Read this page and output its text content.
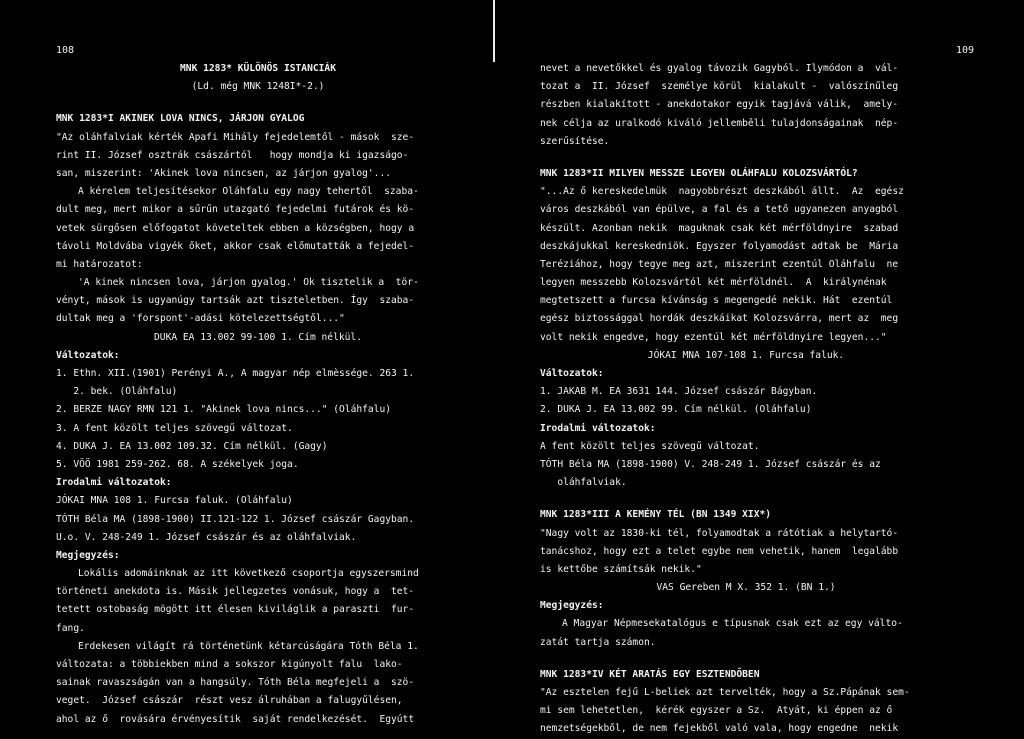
108
MNK 1283* KÜLÖNÖS ISTANCIÁK
(Ld. még MNK 1248I*-2.)
MNK 1283*I AKINEK LOVA NINCS, JÁRJON GYALOG
"Az oláhfalviak kérték Apafi Mihály fejedelemtől - mások  sze-
rint II. József osztrák császártól   hogy mondja ki igazságo-
san, miszerint: 'Akinek lova nincsen, az járjon gyalog'...
A kérelem teljesítésekor Oláhfalu egy nagy tehertől  szaba-
dult meg, mert mikor a sűrűn utazgató fejedelmi futárok és kö-
vetek sürgősen előfogatot követeltek ebben a községben, hogy a
távoli Moldvába vigyék őket, akkor csak előmutatták a fejedel-
mi határozatot:
'A kinek nincsen lova, járjon gyalog.' Ok tisztelik a  tör-
vényt, mások is ugyanúgy tartsák azt tiszteletben. Így  szaba-
dultak meg a 'forspont'-adási kötelezettségtől..."
DUKA EA 13.002 99-100 1. Cím nélkül.
Változatok:
1. Ethn. XII.(1901) Perényi A., A magyar nép elmèssége. 263 1.
2. bek. (Oláhfalu)
2. BERZE NAGY RMN 121 1. "Akinek lova nincs..." (Oláhfalu)
3. A fent közölt teljes szövegű változat.
4. DUKA J. EA 13.002 109.32. Cím nélkül. (Gagy)
5. VÖÖ 1981 259-262. 68. A székelyek joga.
Irodalmi változatok:
JÓKAI MNA 108 1. Furcsa faluk. (Oláhfalu)
TÓTH Béla MA (1898-1900) II.121-122 1. József császár Gagyban.
U.o. V. 248-249 1. József császár és az oláhfalviak.
Megjegyzés:
Lokális adomáinknak az itt következő csoportja egyszersmind
történeti anekdota is. Másik jellegzetes vonásuk, hogy a  tet-
tetett ostobaság mögött itt élesen kiviláglik a paraszti  fur-
fang.
Erdekesen világít rá történetünk kétarcúságára Tóth Béla 1.
változata: a többiekben mind a sokszor kigúnyolt falu  lako-
sainak ravaszságán van a hangsúly. Tóth Béla megfejeli a  szö-
veget.  József császár  részt vesz álruhában a falugyűlésen,
ahol az ő  rovására érvényesítik  saját rendelkezését.  Egyútt
109
nevet a nevetőkkel és gyalog távozik Gagyból. Ilymódon a  vál-
tozat a  II. József  személye körül  kialakult -  valószínűleg
részben kialakított - anekdotakor egyik tagjává válik,  amely-
nek célja az uralkodó kiváló jellemběli tulajdonságainak  nép-
szerűsítése.
MNK 1283*II MILYEN MESSZE LEGYEN OLÁHFALU KOLOZSVÁRTÓL?
"...Az ő kereskedelmük  nagyobbrészt deszkából állt.  Az  egész
város deszkából van épülve, a fal és a tető ugyanezen anyagból
készült. Azonban nekik  maguknak csak két mérföldnyire  szabad
deszkájukkal kereskedniök. Egyszer folyamodást adtak be  Mária
Teréziához, hogy tegye meg azt, miszerint ezentúl Oláhfalu  ne
legyen messzebb Kolozsvártól két mérföldnél.  A  királynénak
megtetszett a furcsa kívánság s megengedé nekik. Hát  ezentúl
egész biztossággal hordák deszkáikat Kolozsvárra, mert az  meg
volt nekik engedve, hogy ezentúl két mérföldnyire legyen..."
JÓKAI MNA 107-108 1. Furcsa faluk.
Változatok:
1. JAKAB M. EA 3631 144. József császár Bágyban.
2. DUKA J. EA 13.002 99. Cím nélkül. (Oláhfalu)
Irodalmi változatok:
A fent közölt teljes szövegű változat.
TÓTH Béla MA (1898-1900) V. 248-249 1. József császár és az
oláhfalviak.
MNK 1283*III A KEMÉNY TÉL (BN 1349 XIX*)
"Nagy volt az 1830-ki tél, folyamodtak a rátótiak a helytartó-
tanácshoz, hogy ezt a telet egybe nem vehetik, hanem  legalább
is kettőbe számítsák nekik."
VAS Gereben M X. 352 1. (BN 1.)
Megjegyzés:
A Magyar Népmesekatalógus e típusnak csak ezt az egy válto-
zatát tartja számon.
MNK 1283*IV KÉT ARATÁS EGY ESZTENDŐBEN
"Az esztelen fejű L-beliek azt tervelték, hogy a Sz.Pápának sem-
mi sem lehetetlen,  kérék egyszer a Sz.  Atyát, ki éppen az ő
nemzetségekből, de nem fejekből való vala, hogy engedne  nekik
